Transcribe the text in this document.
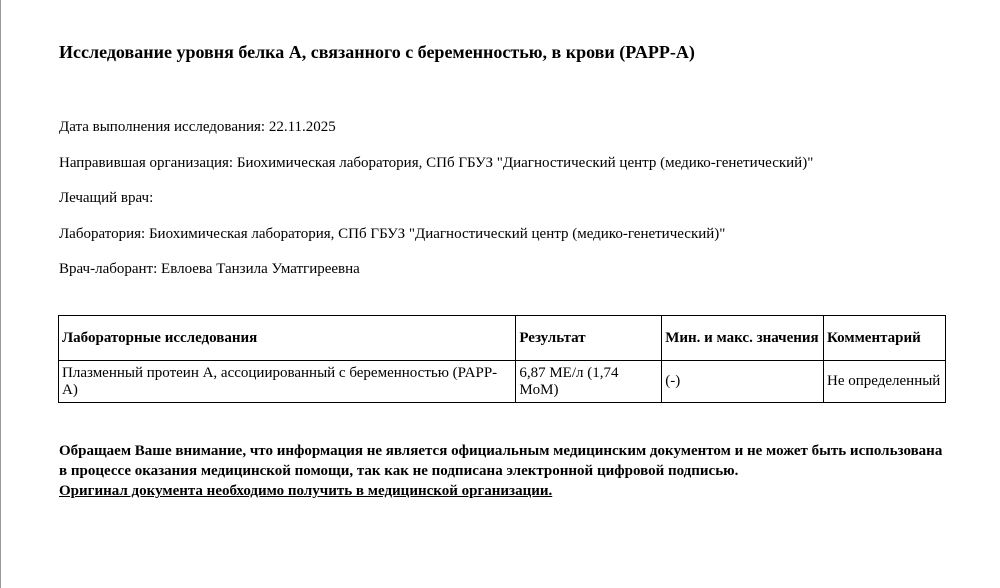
Исследование уровня белка А, связанного с беременностью, в крови (PAPP-A)
Дата выполнения исследования: 22.11.2025
Направившая организация: Биохимическая лаборатория, СПб ГБУЗ "Диагностический центр (медико-генетический)"
Лечащий врач:
Лаборатория: Биохимическая лаборатория, СПб ГБУЗ "Диагностический центр (медико-генетический)"
Врач-лаборант: Евлоева Танзила Уматгиреевна
Лабораторные исследования	Результат	Мин. и макс. значения	Комментарий
Плазменный протеин А, ассоциированный с беременностью (PAPP-A)	6,87 МЕ/л (1,74 MoM)	(-)	Не определенный
Обращаем Ваше внимание, что информация не является официальным медицинским документом и не может быть использована в процессе оказания медицинской помощи, так как не подписана электронной цифровой подписью.
Оригинал документа необходимо получить в медицинской организации.
